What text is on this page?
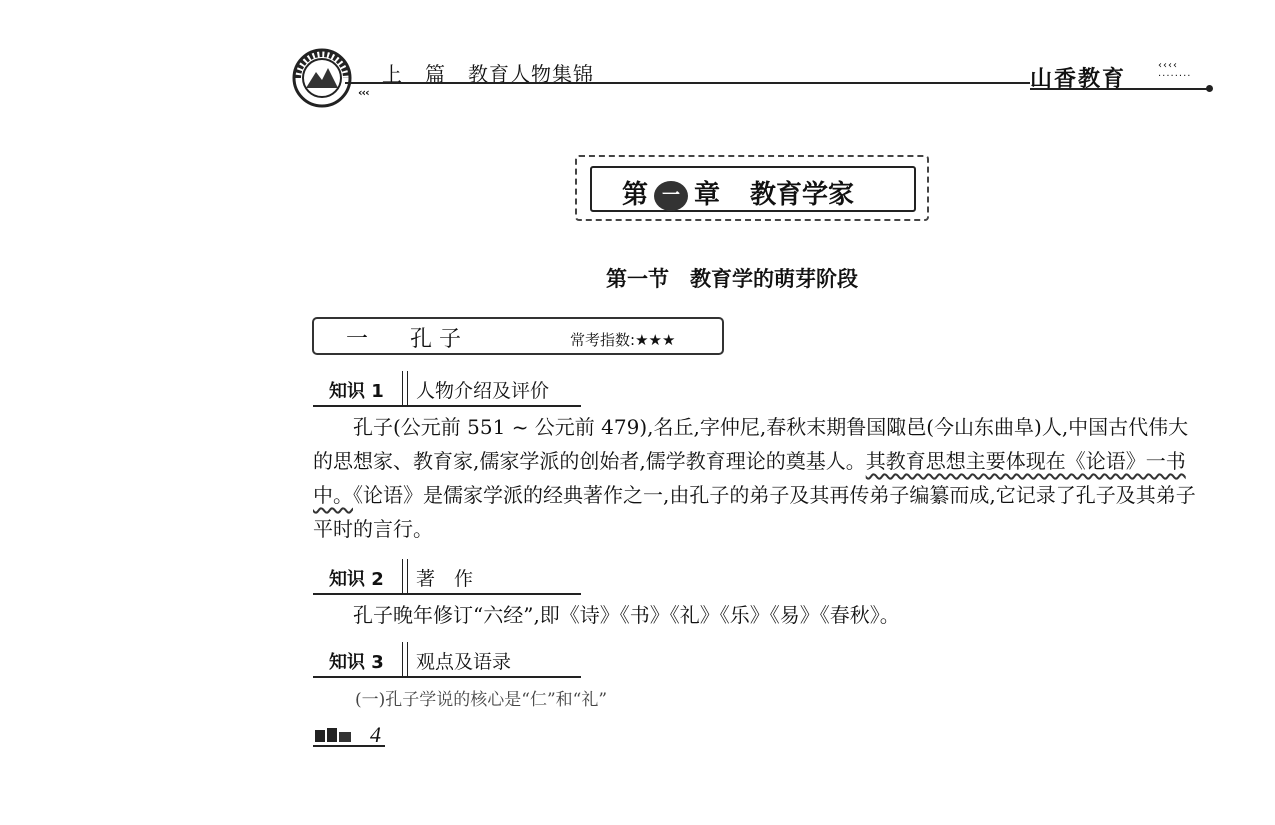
上 篇 教育人物集锦
‹‹‹
山香教育
‹‹‹‹
········
第 一 章 教育学家
第一节　教育学的萌芽阶段
一 孔 子	常考指数:★★★
知识 1 人物介绍及评价
孔子(公元前 551 ~ 公元前 479),名丘,字仲尼,春秋末期鲁国陬邑(今山东曲阜)人,中国古代伟大的思想家、教育家,儒家学派的创始者,儒学教育理论的奠基人。其教育思想主要体现在《论语》一书中。《论语》是儒家学派的经典著作之一,由孔子的弟子及其再传弟子编纂而成,它记录了孔子及其弟子平时的言行。
知识 2 著　作
孔子晚年修订“六经”,即《诗》《书》《礼》《乐》《易》《春秋》。
知识 3 观点及语录
(一)孔子学说的核心是“仁”和“礼”
4
